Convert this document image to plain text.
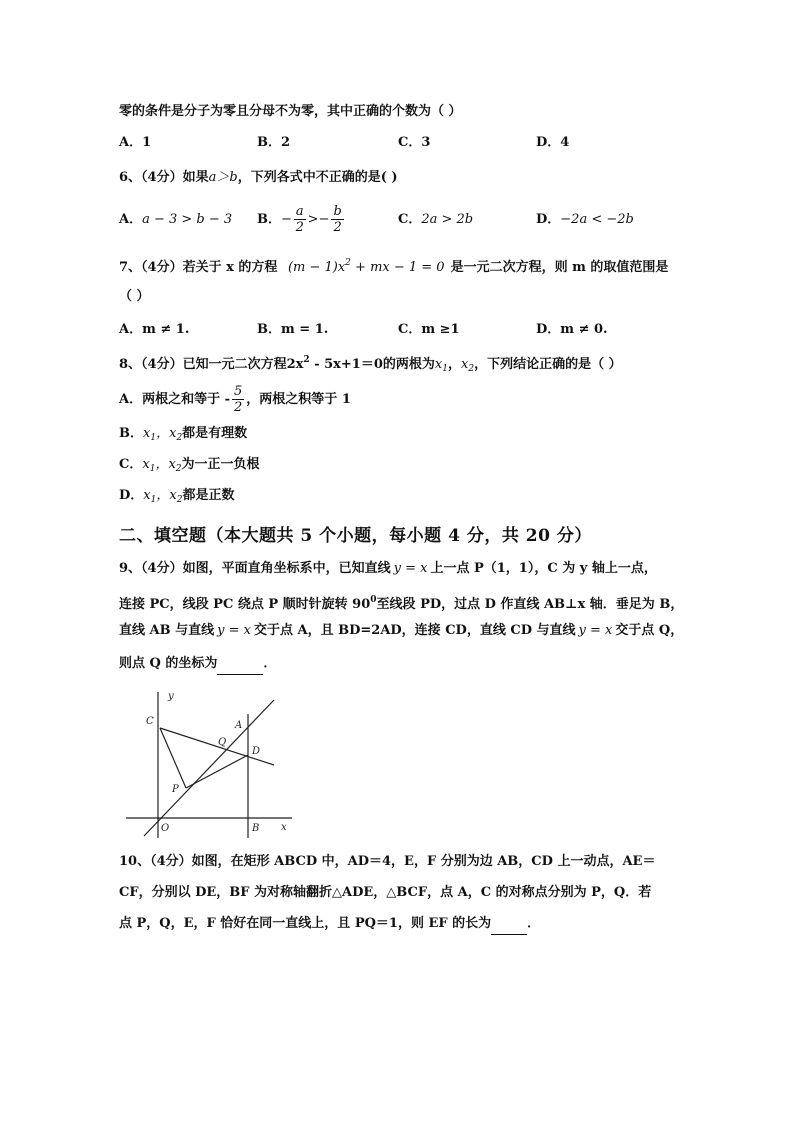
零的条件是分子为零且分母不为零，其中正确的个数为（ ）
A．1	B．2	C．3	D．4
6、（4分）如果a＞b，下列各式中不正确的是( )
A．a − 3 > b − 3 B．− $\frac{a}{2} >- \frac{b}{2}$	C．2a > 2b	D．−2a < −2b
7、（4分）若关于 x 的方程 $(m - 1)x^2$ + mx − 1 = 0 是一元二次方程，则 m 的取值范围是
（ ）
A．m ≠ 1.	B．m = 1.	C．m ≥1	D．m ≠ 0.
8、（4分）已知一元二次方程$2x^2 - 5x+1=0$的两根为$x_1$，$x_2$，下列结论正确的是（ ）
A．两根之和等于 - $\frac{5}{2}$ ，两根之积等于 1
B．$x_1$，$x_2$都是有理数
C．$x_1$，$x_2$为一正一负根
D．$x_1$，$x_2$都是正数
二、填空题（本大题共 5 个小题，每小题 4 分，共 20 分）
9、（4分）如图，平面直角坐标系中，已知直线 y = x 上一点 P（1，1），C 为 y 轴上一点，
连接 PC，线段 PC 绕点 P 顺时针旋转 $90^0$至线段 PD，过点 D 作直线 AB⊥x 轴．垂足为 B，
直线 AB 与直线 y = x 交于点 A，且 BD=2AD，连接 CD，直线 CD 与直线 y = x 交于点 Q，
则点 Q 的坐标为	．
y
x
C	A
Q
D
P
O	B
10、（4分）如图，在矩形 ABCD 中，AD＝4，E，F 分别为边 AB，CD 上一动点，AE＝
CF，分别以 DE，BF 为对称轴翻折△ADE，△BCF，点 A，C 的对称点分别为 P，Q．若
点 P，Q，E，F 恰好在同一直线上，且 PQ＝1，则 EF 的长为	．
